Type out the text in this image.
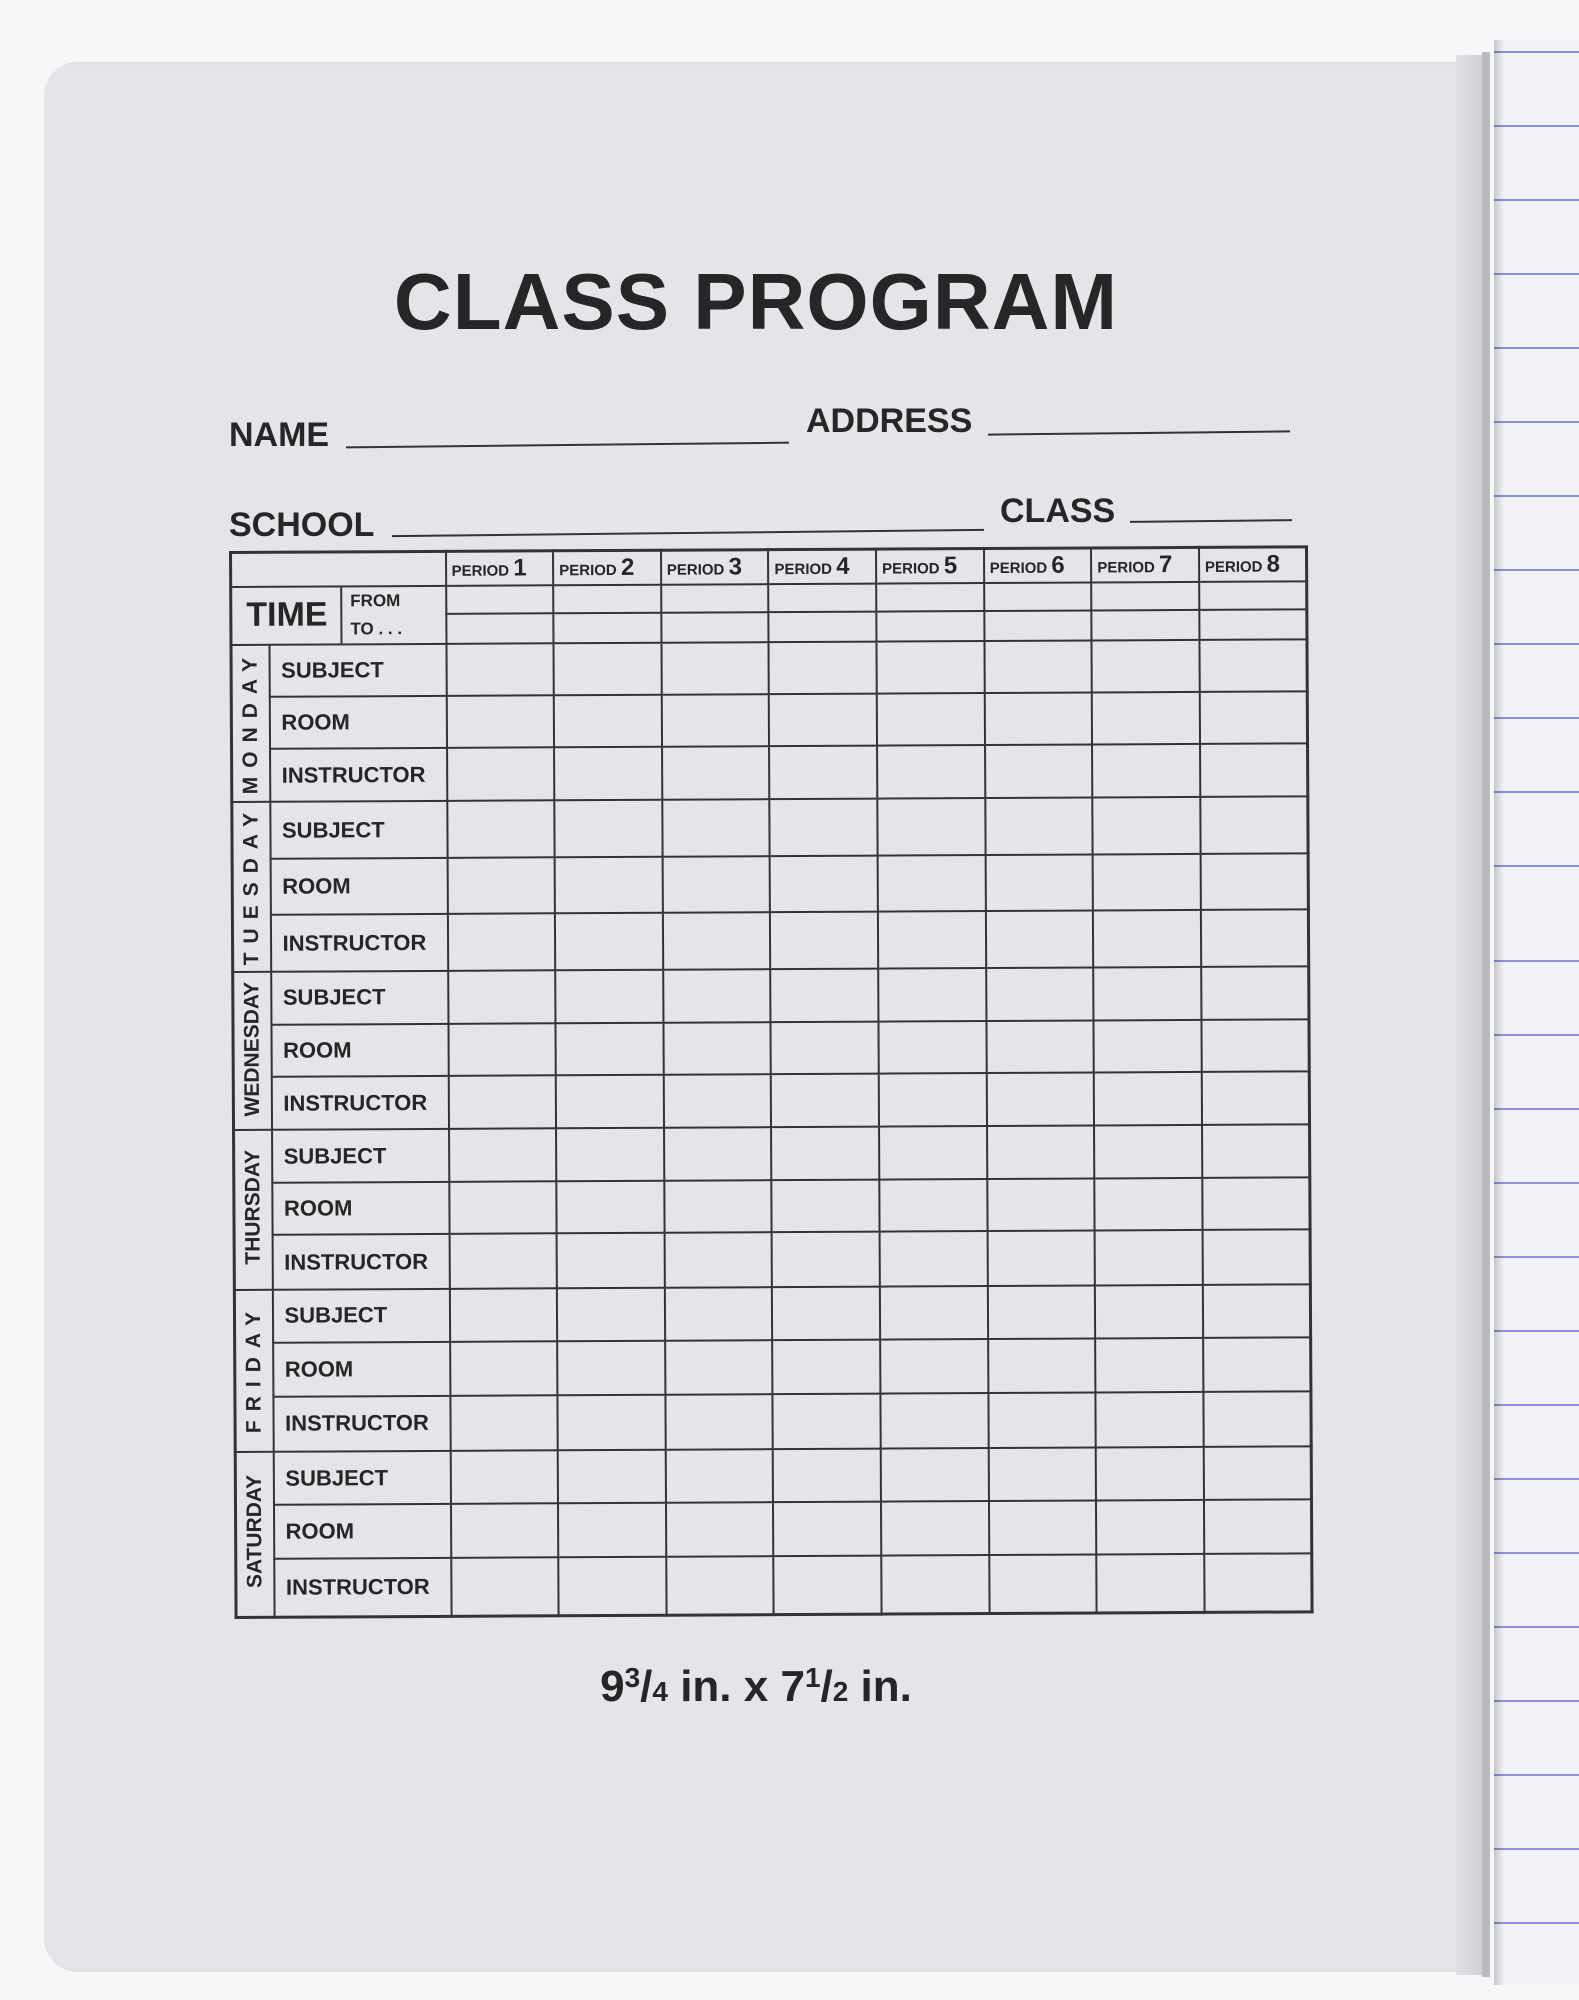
CLASS PROGRAM
NAME	ADDRESS
SCHOOL	CLASS
	PERIOD 1	PERIOD 2	PERIOD 3	PERIOD 4	PERIOD 5	PERIOD 6	PERIOD 7	PERIOD 8

TIME	FROM
TO . . .

MONDAY	SUBJECT								
ROOM								
INSTRUCTOR								
TUESDAY	SUBJECT								
ROOM								
INSTRUCTOR								
WEDNESDAY	SUBJECT								
ROOM								
INSTRUCTOR								
THURSDAY	SUBJECT								
ROOM								
INSTRUCTOR								
FRIDAY	SUBJECT								
ROOM								
INSTRUCTOR								
SATURDAY	SUBJECT								
ROOM								
INSTRUCTOR								
$9^3/4$ in. x $7^1/2$ in.
